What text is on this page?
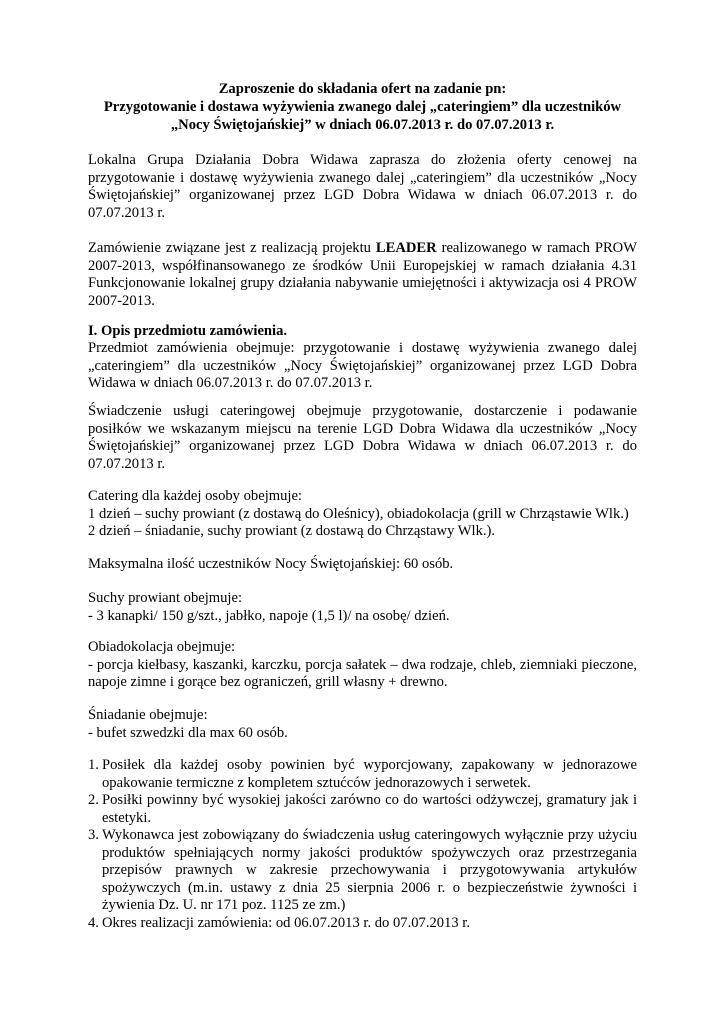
Zaproszenie do składania ofert na zadanie pn:
Przygotowanie i dostawa wyżywienia zwanego dalej „cateringiem” dla uczestników
„Nocy Świętojańskiej” w dniach 06.07.2013 r. do 07.07.2013 r.
Lokalna Grupa Działania Dobra Widawa zaprasza do złożenia oferty cenowej na przygotowanie i dostawę wyżywienia zwanego dalej „cateringiem” dla uczestników „Nocy Świętojańskiej” organizowanej przez LGD Dobra Widawa w dniach 06.07.2013 r. do 07.07.2013 r.
Zamówienie związane jest z realizacją projektu LEADER realizowanego w ramach PROW 2007-2013, współfinansowanego ze środków Unii Europejskiej w ramach działania 4.31 Funkcjonowanie lokalnej grupy działania nabywanie umiejętności i aktywizacja osi 4 PROW 2007-2013.
I. Opis przedmiotu zamówienia.
Przedmiot zamówienia obejmuje: przygotowanie i dostawę wyżywienia zwanego dalej „cateringiem” dla uczestników „Nocy Świętojańskiej” organizowanej przez LGD Dobra Widawa w dniach 06.07.2013 r. do 07.07.2013 r.
Świadczenie usługi cateringowej obejmuje przygotowanie, dostarczenie i podawanie posiłków we wskazanym miejscu na terenie LGD Dobra Widawa dla uczestników „Nocy Świętojańskiej” organizowanej przez LGD Dobra Widawa w dniach 06.07.2013 r. do 07.07.2013 r.
Catering dla każdej osoby obejmuje:
1 dzień – suchy prowiant (z dostawą do Oleśnicy), obiadokolacja (grill w Chrząstawie Wlk.)
2 dzień – śniadanie, suchy prowiant (z dostawą do Chrząstawy Wlk.).
Maksymalna ilość uczestników Nocy Świętojańskiej: 60 osób.
Suchy prowiant obejmuje:
- 3 kanapki/ 150 g/szt., jabłko, napoje (1,5 l)/ na osobę/ dzień.
Obiadokolacja obejmuje:
- porcja kiełbasy, kaszanki, karczku, porcja sałatek – dwa rodzaje, chleb, ziemniaki pieczone, napoje zimne i gorące bez ograniczeń, grill własny + drewno.
Śniadanie obejmuje:
- bufet szwedzki dla max 60 osób.
1. Posiłek dla każdej osoby powinien być wyporcjowany, zapakowany w jednorazowe opakowanie termiczne z kompletem sztućców jednorazowych i serwetek.
2. Posiłki powinny być wysokiej jakości zarówno co do wartości odżywczej, gramatury jak i estetyki.
3. Wykonawca jest zobowiązany do świadczenia usług cateringowych wyłącznie przy użyciu produktów spełniających normy jakości produktów spożywczych oraz przestrzegania przepisów prawnych w zakresie przechowywania i przygotowywania artykułów spożywczych (m.in. ustawy z dnia 25 sierpnia 2006 r. o bezpieczeństwie żywności i żywienia Dz. U. nr 171 poz. 1125 ze zm.)
4. Okres realizacji zamówienia: od 06.07.2013 r. do 07.07.2013 r.
